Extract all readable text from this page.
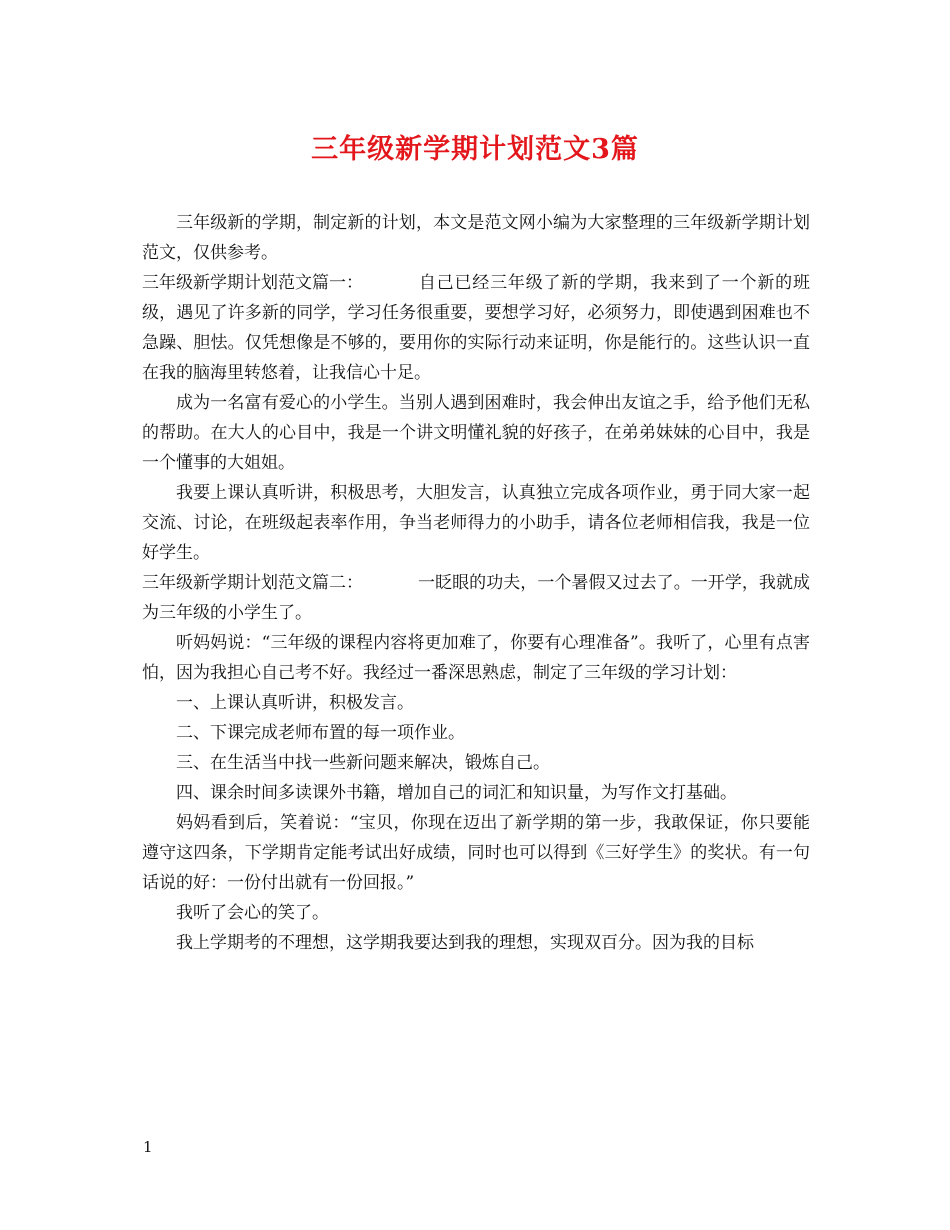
三年级新学期计划范文3篇

三年级新的学期，制定新的计划，本文是范文网小编为大家整理的三年级新学期计划范文，仅供参考。

三年级新学期计划范文篇一：	自己已经三年级了新的学期，我来到了一个新的班级，遇见了许多新的同学，学习任务很重要，要想学习好，必须努力，即使遇到困难也不急躁、胆怯。仅凭想像是不够的，要用你的实际行动来证明，你是能行的。这些认识一直在我的脑海里转悠着，让我信心十足。

成为一名富有爱心的小学生。当别人遇到困难时，我会伸出友谊之手，给予他们无私的帮助。在大人的心目中，我是一个讲文明懂礼貌的好孩子，在弟弟妹妹的心目中，我是一个懂事的大姐姐。

我要上课认真听讲，积极思考，大胆发言，认真独立完成各项作业，勇于同大家一起交流、讨论，在班级起表率作用，争当老师得力的小助手，请各位老师相信我，我是一位好学生。

三年级新学期计划范文篇二：	一眨眼的功夫，一个暑假又过去了。一开学，我就成为三年级的小学生了。

听妈妈说：“三年级的课程内容将更加难了，你要有心理准备”。我听了，心里有点害怕，因为我担心自己考不好。我经过一番深思熟虑，制定了三年级的学习计划：

一、上课认真听讲，积极发言。

二、下课完成老师布置的每一项作业。

三、在生活当中找一些新问题来解决，锻炼自己。

四、课余时间多读课外书籍，增加自己的词汇和知识量，为写作文打基础。

妈妈看到后，笑着说：“宝贝，你现在迈出了新学期的第一步，我敢保证，你只要能遵守这四条，下学期肯定能考试出好成绩，同时也可以得到《三好学生》的奖状。有一句话说的好：一份付出就有一份回报。”

我听了会心的笑了。

我上学期考的不理想，这学期我要达到我的理想，实现双百分。因为我的目标

1
